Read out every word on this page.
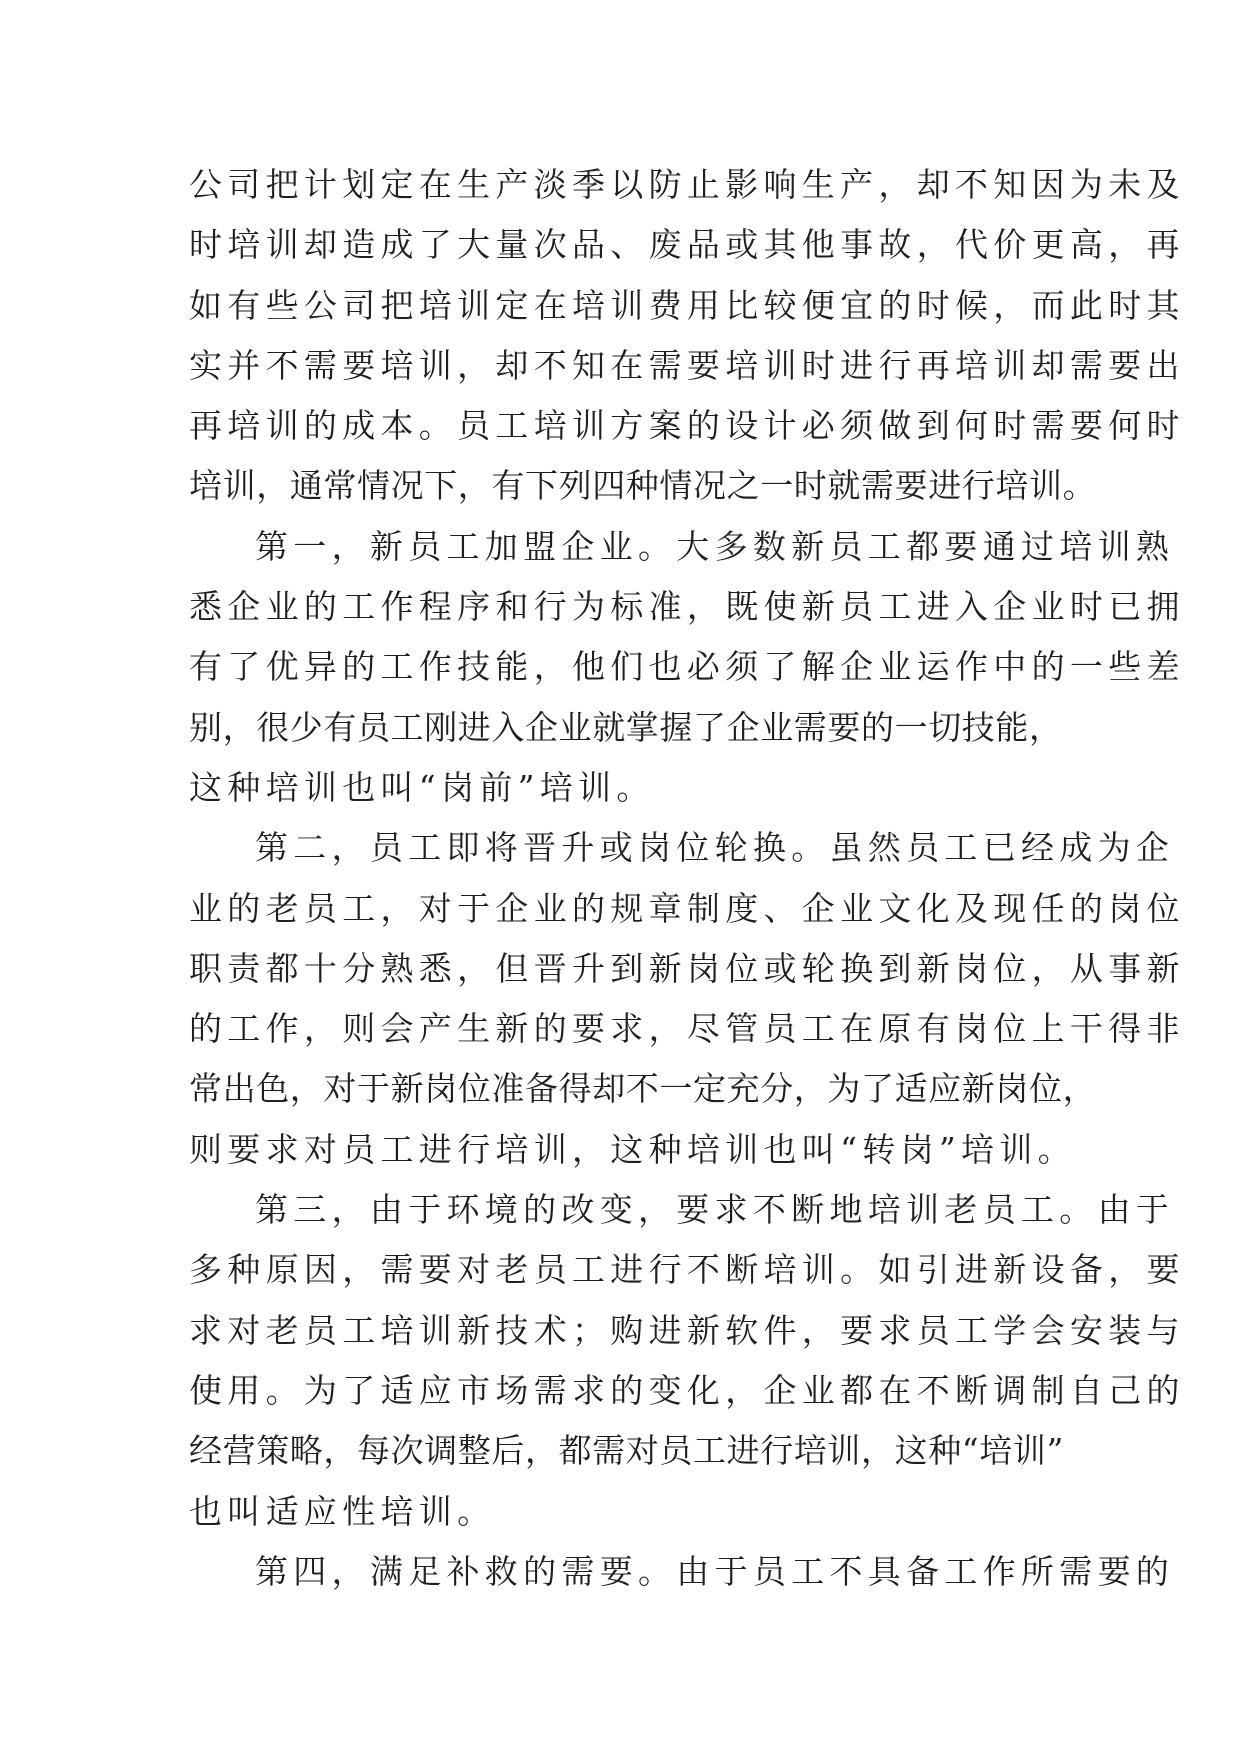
公司把计划定在生产淡季以防止影响生产，却不知因为未及
时培训却造成了大量次品、废品或其他事故，代价更高，再
如有些公司把培训定在培训费用比较便宜的时候，而此时其
实并不需要培训，却不知在需要培训时进行再培训却需要出
再培训的成本。员工培训方案的设计必须做到何时需要何时
培训，通常情况下，有下列四种情况之一时就需要进行培训。
第一，新员工加盟企业。大多数新员工都要通过培训熟
悉企业的工作程序和行为标准，既使新员工进入企业时已拥
有了优异的工作技能，他们也必须了解企业运作中的一些差
别，很少有员工刚进入企业就掌握了企业需要的一切技能，
这种培训也叫“岗前”培训。
第二，员工即将晋升或岗位轮换。虽然员工已经成为企
业的老员工，对于企业的规章制度、企业文化及现任的岗位
职责都十分熟悉，但晋升到新岗位或轮换到新岗位，从事新
的工作，则会产生新的要求，尽管员工在原有岗位上干得非
常出色，对于新岗位准备得却不一定充分，为了适应新岗位，
则要求对员工进行培训，这种培训也叫“转岗”培训。
第三，由于环境的改变，要求不断地培训老员工。由于
多种原因，需要对老员工进行不断培训。如引进新设备，要
求对老员工培训新技术；购进新软件，要求员工学会安装与
使用。为了适应市场需求的变化，企业都在不断调制自己的
经营策略，每次调整后，都需对员工进行培训，这种“培训”
也叫适应性培训。
第四，满足补救的需要。由于员工不具备工作所需要的
